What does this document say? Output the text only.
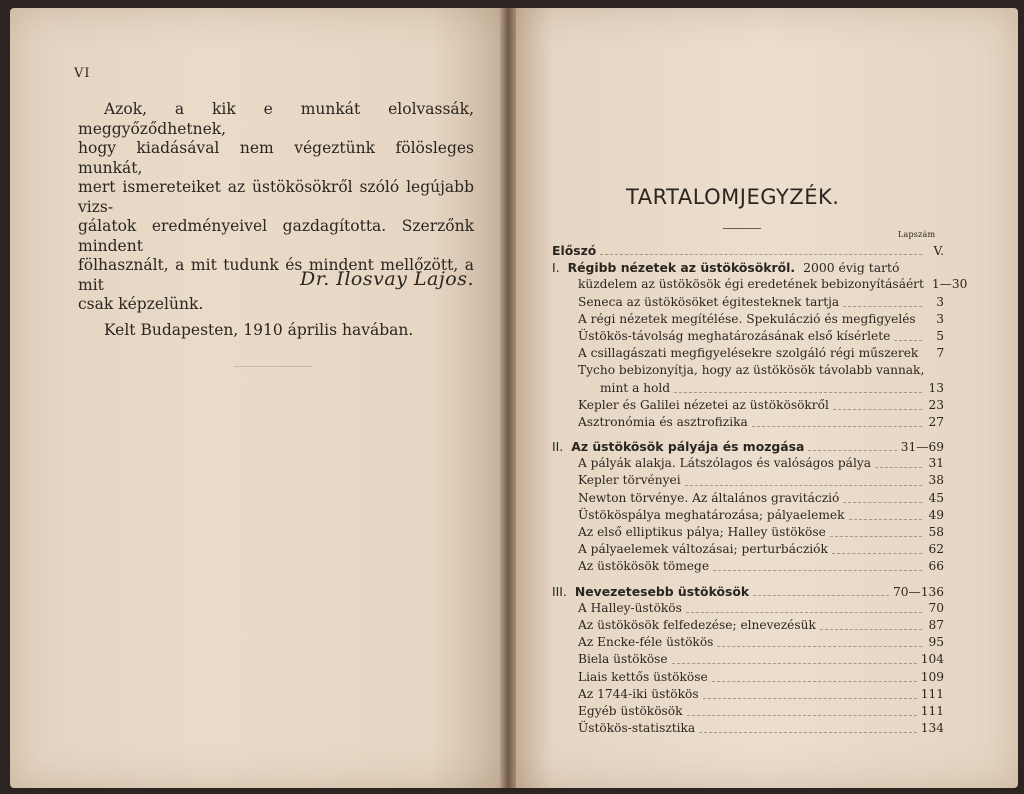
VI
Azok, a kik e munkát elolvassák, meggyőződhetnek,
hogy kiadásával nem végeztünk fölösleges munkát,
mert ismereteiket az üstökösökről szóló legújabb vizs-
gálatok eredményeivel gazdagította. Szerzőnk mindent
fölhasznált, a mit tudunk és mindent mellőzött, a mit
csak képzelünk.
Kelt Budapesten, 1910 április havában.
Dr. Ilosvay Lajos.
TARTALOMJEGYZÉK.
Lapszám
Előszó	V.
I. Régibb nézetek az üstökösökről. 2000 évig tartó
küzdelem az üstökösök égi eredetének bebizonyításáért 1—30
Seneca az üstökösöket égitesteknek tartja	3
A régi nézetek megítélése. Spekuláczió és megfigyelés	3
Üstökös-távolság meghatározásának első kísérlete	5
A csillagászati megfigyelésekre szolgáló régi műszerek	7
Tycho bebizonyítja, hogy az üstökösök távolabb vannak,
mint a hold	13
Kepler és Galilei nézetei az üstökösökről	23
Asztronómia és asztrofizika	27
II. Az üstökösök pályája és mozgása	31—69
A pályák alakja. Látszólagos és valóságos pálya	31
Kepler törvényei	38
Newton törvénye. Az általános gravitáczió	45
Üstököspálya meghatározása; pályaelemek	49
Az első elliptikus pálya; Halley üstököse	58
A pályaelemek változásai; perturbácziók	62
Az üstökösök tömege	66
III. Nevezetesebb üstökösök	70—136
A Halley-üstökös	70
Az üstökösök felfedezése; elnevezésük	87
Az Encke-féle üstökös	95
Biela üstököse	104
Liais kettős üstököse	109
Az 1744-iki üstökös	111
Egyéb üstökösök	111
Üstökös-statisztika	134
